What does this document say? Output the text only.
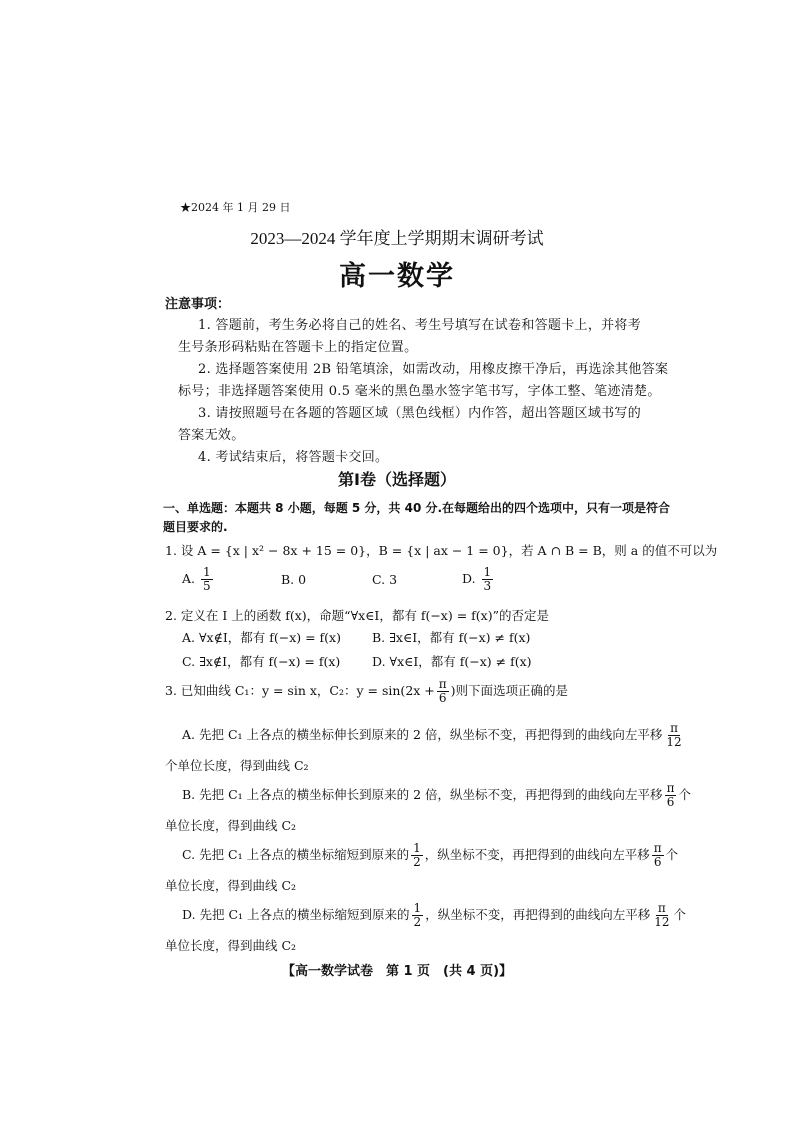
★2024 年 1 月 29 日
2023—2024 学年度上学期期末调研考试
高一数学
注意事项：
1. 答题前，考生务必将自己的姓名、考生号填写在试卷和答题卡上，并将考
生号条形码粘贴在答题卡上的指定位置。
2. 选择题答案使用 2B 铅笔填涂，如需改动，用橡皮擦干净后，再选涂其他答案
标号；非选择题答案使用 0.5 毫米的黑色墨水签字笔书写，字体工整、笔迹清楚。
3. 请按照题号在各题的答题区域（黑色线框）内作答，超出答题区域书写的
答案无效。
4. 考试结束后，将答题卡交回。
第Ⅰ卷（选择题）
一、单选题：本题共 8 小题，每题 5 分，共 40 分.在每题给出的四个选项中，只有一项是符合
题目要求的.
1. 设 A = {x | x² − 8x + 15 = 0}，B = {x | ax − 1 = 0}，若 A ∩ B = B，则 a 的值不可以为
A. $\frac{1}{5}$	B. 0	C. 3	D. $\frac{1}{3}$
2. 定义在 I 上的函数 f(x)，命题“∀x∈I，都有 f(−x) = f(x)”的否定是
A. ∀x∉I，都有 f(−x) = f(x) B. ∃x∈I，都有 f(−x) ≠ f(x)
C. ∃x∉I，都有 f(−x) = f(x)	D. ∀x∈I，都有 f(−x) ≠ f(x)
3. 已知曲线 C₁：y = sin x，C₂：$y = \sin(2x + \frac{\pi}{6}$ )则下面选项正确的是
A. 先把 C₁ 上各点的横坐标伸长到原来的 2 倍，纵坐标不变，再把得到的曲线向左平移 $\frac{\pi}{12}$
个单位长度，得到曲线 C₂
B. 先把 C₁ 上各点的横坐标伸长到原来的 2 倍，纵坐标不变，再把得到的曲线向左平移 $\frac{\pi}{6}$ 个
单位长度，得到曲线 C₂
C. 先把 C₁ 上各点的横坐标缩短到原来的 $\frac{1}{2}$ ，纵坐标不变，再把得到的曲线向左平移 $\frac{\pi}{6}$ 个
单位长度，得到曲线 C₂
D. 先把 C₁ 上各点的横坐标缩短到原来的 $\frac{1}{2}$ ，纵坐标不变，再把得到的曲线向左平移 $\frac{\pi}{12}$ 个
单位长度，得到曲线 C₂
【高一数学试卷　第 1 页　(共 4 页)】
